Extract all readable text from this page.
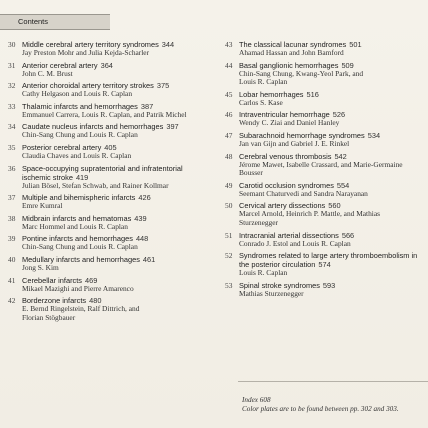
Contents
30 Middle cerebral artery territory syndromes 344
Jay Preston Mohr and Julia Kejda-Scharler
31 Anterior cerebral artery 364
John C. M. Brust
32 Anterior choroidal artery territory strokes 375
Cathy Helgason and Louis R. Caplan
33 Thalamic infarcts and hemorrhages 387
Emmanuel Carrera, Louis R. Caplan, and Patrik Michel
34 Caudate nucleus infarcts and hemorrhages 397
Chin-Sang Chung and Louis R. Caplan
35 Posterior cerebral artery 405
Claudia Chaves and Louis R. Caplan
36 Space-occupying supratentorial and infratentorial ischemic stroke 419
Julian Bösel, Stefan Schwab, and Rainer Kollmar
37 Multiple and bihemispheric infarcts 426
Emre Kumral
38 Midbrain infarcts and hematomas 439
Marc Hommel and Louis R. Caplan
39 Pontine infarcts and hemorrhages 448
Chin-Sang Chung and Louis R. Caplan
40 Medullary infarcts and hemorrhages 461
Jong S. Kim
41 Cerebellar infarcts 469
Mikael Mazighi and Pierre Amarenco
42 Borderzone infarcts 480
E. Bernd Ringelstein, Ralf Dittrich, and
Florian Stögbauer
43 The classical lacunar syndromes 501
Ahamad Hassan and John Bamford
44 Basal ganglionic hemorrhages 509
Chin-Sang Chung, Kwang-Yeol Park, and
Louis R. Caplan
45 Lobar hemorrhages 516
Carlos S. Kase
46 Intraventricular hemorrhage 526
Wendy C. Ziai and Daniel Hanley
47 Subarachnoid hemorrhage syndromes 534
Jan van Gijn and Gabriel J. E. Rinkel
48 Cerebral venous thrombosis 542
Jérome Mawet, Isabelle Crassard, and Marie-Germaine
Bousser
49 Carotid occlusion syndromes 554
Seemant Chaturvedi and Sandra Narayanan
50 Cervical artery dissections 560
Marcel Arnold, Heinrich P. Mattle, and Mathias
Sturzenegger
51 Intracranial arterial dissections 566
Conrado J. Estol and Louis R. Caplan
52 Syndromes related to large artery thromboembolism in the posterior circulation 574
Louis R. Caplan
53 Spinal stroke syndromes 593
Mathias Sturzenegger
Index 608
Color plates are to be found between pp. 302 and 303.
